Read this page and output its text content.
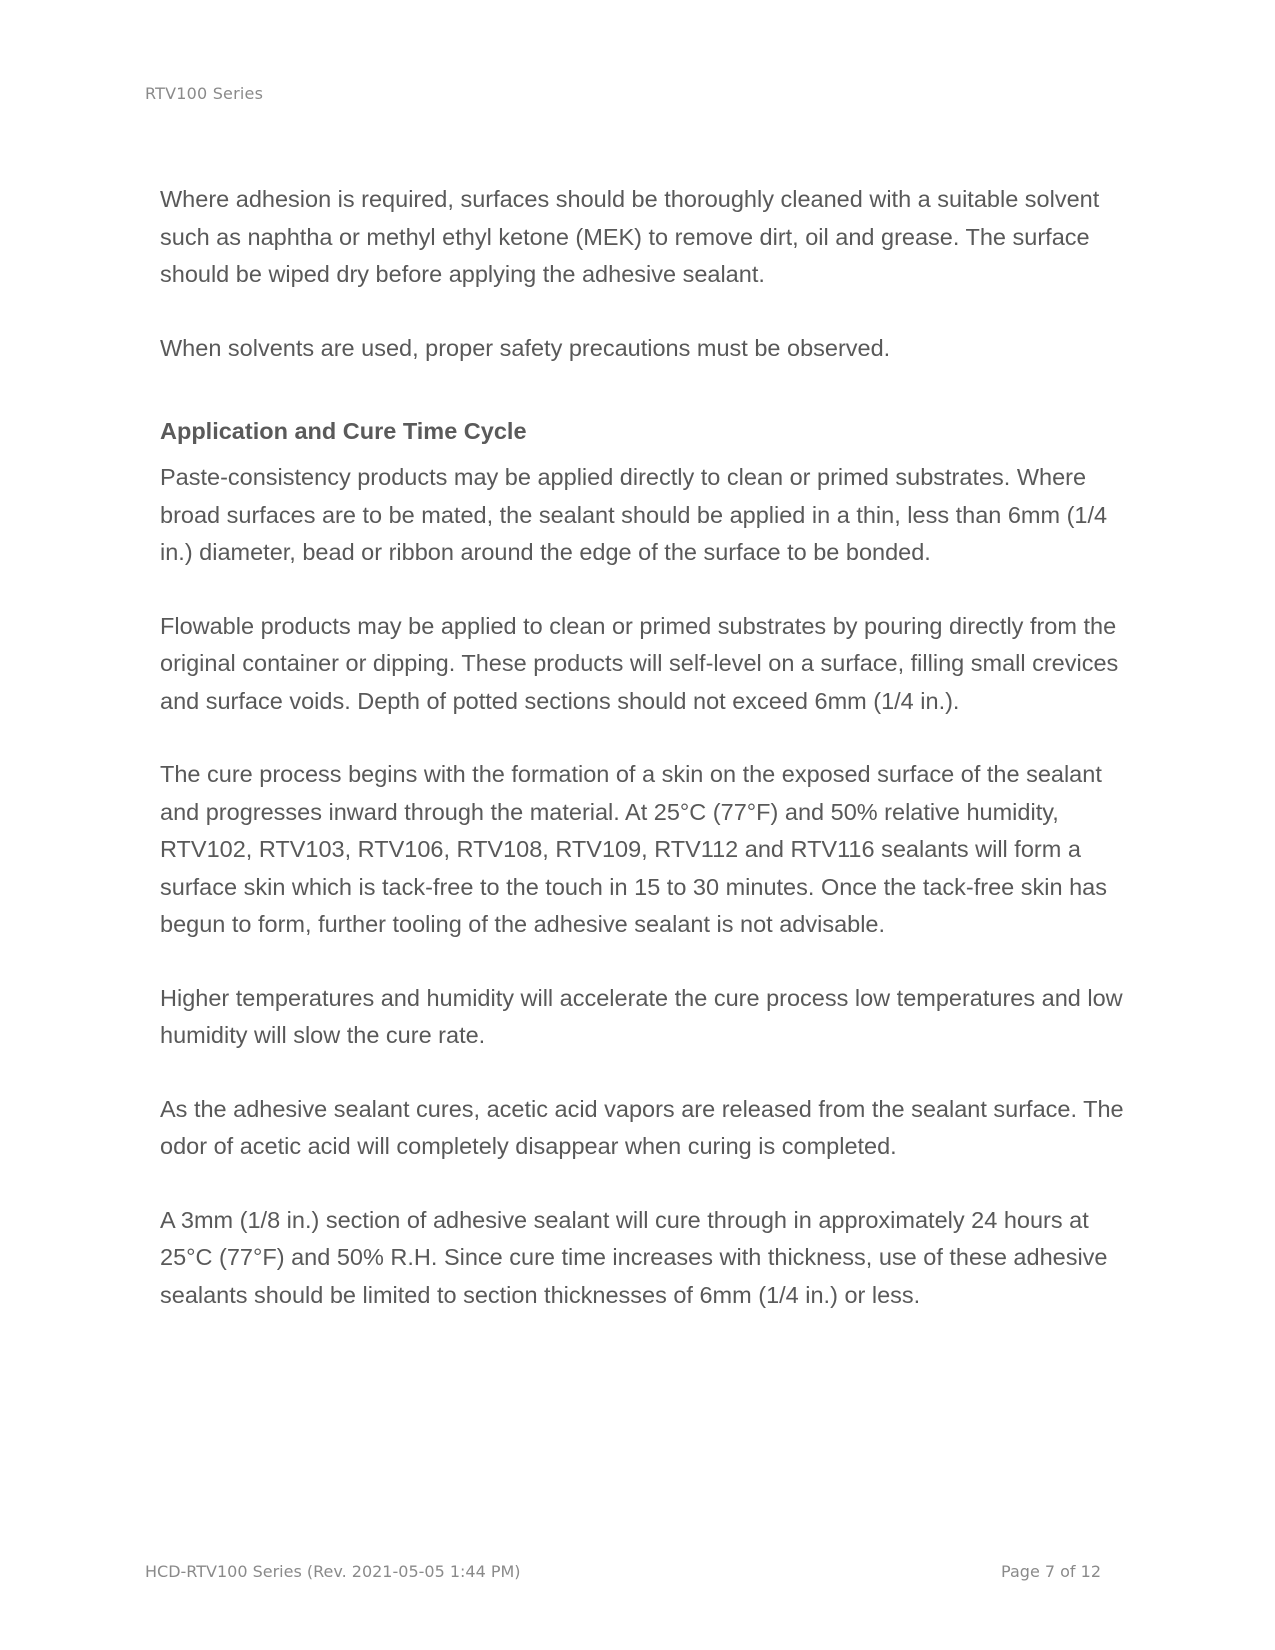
RTV100 Series

Where adhesion is required, surfaces should be thoroughly cleaned with a suitable solvent such as naphtha or methyl ethyl ketone (MEK) to remove dirt, oil and grease. The surface should be wiped dry before applying the adhesive sealant.

When solvents are used, proper safety precautions must be observed.

Application and Cure Time Cycle

Paste-consistency products may be applied directly to clean or primed substrates. Where broad surfaces are to be mated, the sealant should be applied in a thin, less than 6mm (1/4 in.) diameter, bead or ribbon around the edge of the surface to be bonded.

Flowable products may be applied to clean or primed substrates by pouring directly from the original container or dipping. These products will self-level on a surface, filling small crevices and surface voids. Depth of potted sections should not exceed 6mm (1/4 in.).

The cure process begins with the formation of a skin on the exposed surface of the sealant and progresses inward through the material. At 25°C (77°F) and 50% relative humidity, RTV102, RTV103, RTV106, RTV108, RTV109, RTV112 and RTV116 sealants will form a surface skin which is tack-free to the touch in 15 to 30 minutes. Once the tack-free skin has begun to form, further tooling of the adhesive sealant is not advisable.

Higher temperatures and humidity will accelerate the cure process low temperatures and low humidity will slow the cure rate.

As the adhesive sealant cures, acetic acid vapors are released from the sealant surface. The odor of acetic acid will completely disappear when curing is completed.

A 3mm (1/8 in.) section of adhesive sealant will cure through in approximately 24 hours at 25°C (77°F) and 50% R.H. Since cure time increases with thickness, use of these adhesive sealants should be limited to section thicknesses of 6mm (1/4 in.) or less.

HCD-RTV100 Series (Rev. 2021-05-05 1:44 PM)	Page 7 of 12
